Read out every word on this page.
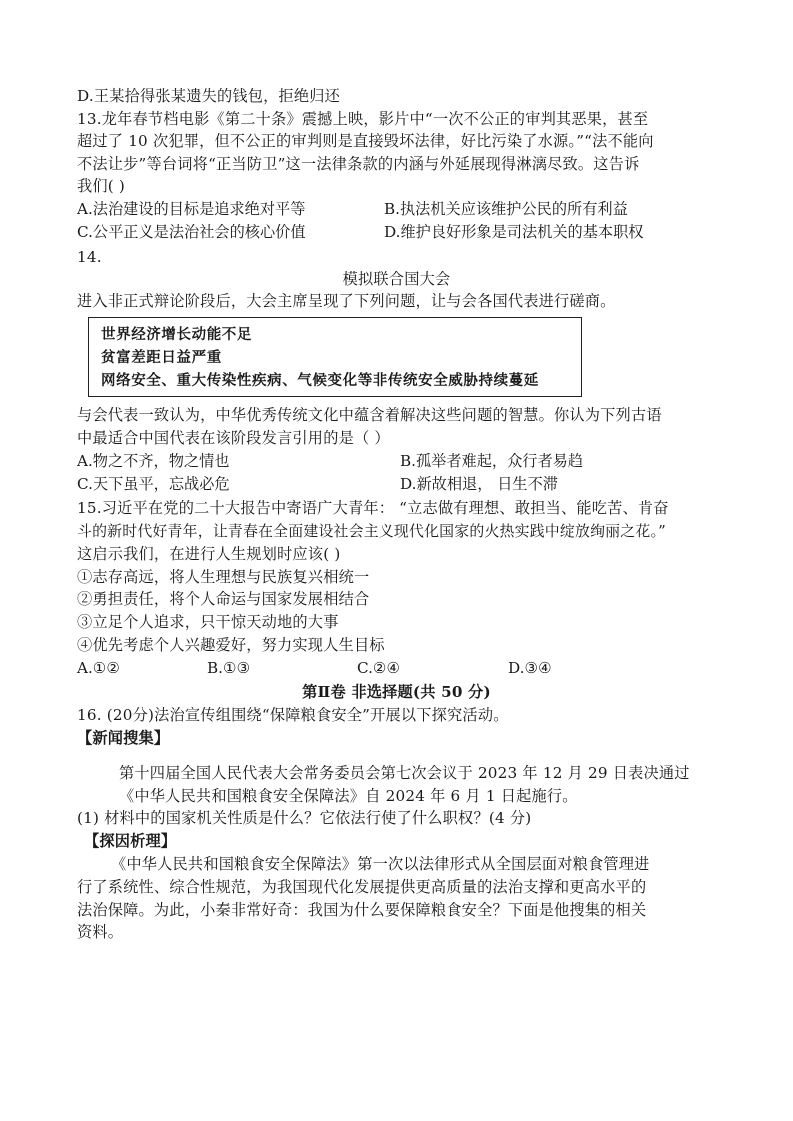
D.王某拾得张某遗失的钱包，拒绝归还
13.龙年春节档电影《第二十条》震撼上映，影片中“一次不公正的审判其恶果，甚至
超过了 10 次犯罪，但不公正的审判则是直接毁坏法律，好比污染了水源。”“法不能向
不法让步”等台词将“正当防卫”这一法律条款的内涵与外延展现得淋漓尽致。这告诉
我们( )
A.法治建设的目标是追求绝对平等	B.执法机关应该维护公民的所有利益
C.公平正义是法治社会的核心价值	D.维护良好形象是司法机关的基本职权
14.
模拟联合国大会
进入非正式辩论阶段后，大会主席呈现了下列问题，让与会各国代表进行磋商。
世界经济增长动能不足
贫富差距日益严重
网络安全、重大传染性疾病、气候变化等非传统安全威胁持续蔓延
与会代表一致认为，中华优秀传统文化中蕴含着解决这些问题的智慧。你认为下列古语
中最适合中国代表在该阶段发言引用的是（ ）
A.物之不齐，物之情也	B.孤举者难起，众行者易趋
C.天下虽平，忘战必危	D.新故相退， 日生不滞
15.习近平在党的二十大报告中寄语广大青年： “立志做有理想、敢担当、能吃苦、肯奋
斗的新时代好青年，让青春在全面建设社会主义现代化国家的火热实践中绽放绚丽之花。”
这启示我们，在进行人生规划时应该( )
①志存高远，将人生理想与民族复兴相统一
②勇担责任，将个人命运与国家发展相结合
③立足个人追求，只干惊天动地的大事
④优先考虑个人兴趣爱好，努力实现人生目标
A.①②	B.①③	C.②④	D.③④
第Ⅱ卷 非选择题(共 50 分)
16. (20分)法治宣传组围绕“保障粮食安全”开展以下探究活动。
【新闻搜集】
第十四届全国人民代表大会常务委员会第七次会议于 2023 年 12 月 29 日表决通过
《中华人民共和国粮食安全保障法》自 2024 年 6 月 1 日起施行。
(1) 材料中的国家机关性质是什么？它依法行使了什么职权？(4 分)
【探因析理】
《中华人民共和国粮食安全保障法》第一次以法律形式从全国层面对粮食管理进
行了系统性、综合性规范，为我国现代化发展提供更高质量的法治支撑和更高水平的
法治保障。为此，小秦非常好奇：我国为什么要保障粮食安全？下面是他搜集的相关
资料。
